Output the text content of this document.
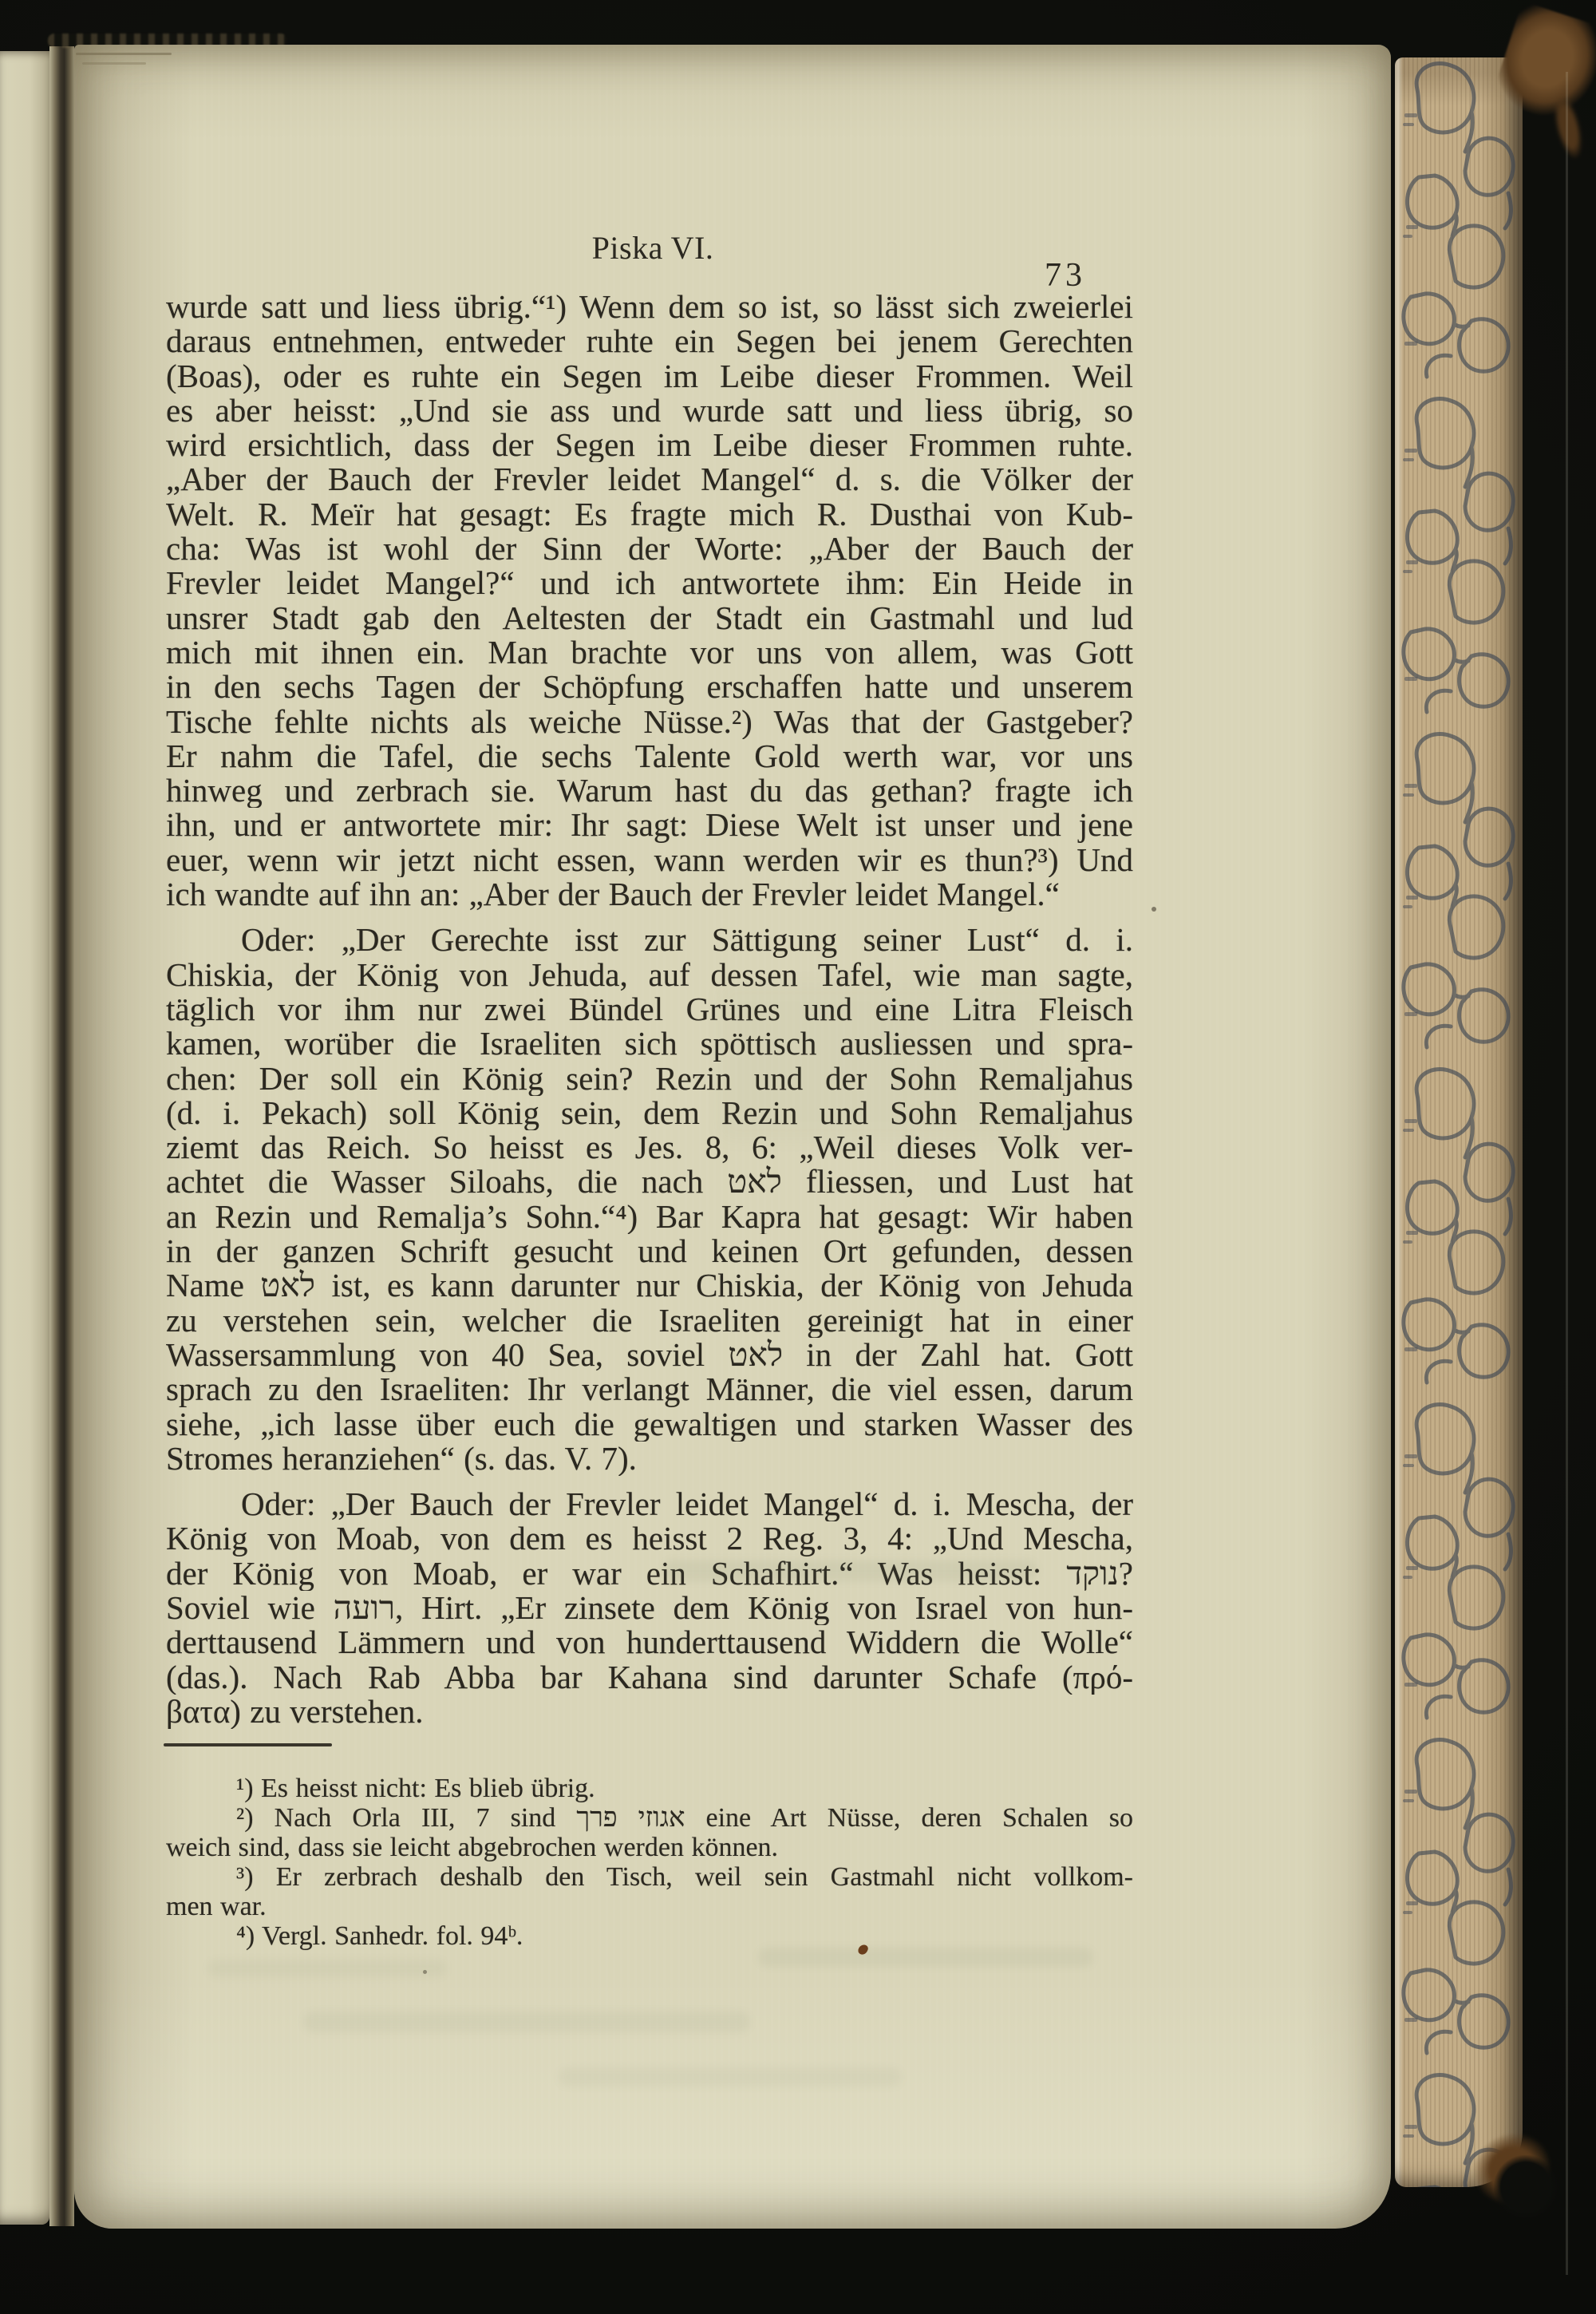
Piska VI.
73
wurde satt und liess übrig.“¹) Wenn dem so ist, so lässt sich zweierlei
daraus entnehmen, entweder ruhte ein Segen bei jenem Gerechten
(Boas), oder es ruhte ein Segen im Leibe dieser Frommen. Weil
es aber heisst: „Und sie ass und wurde satt und liess übrig, so
wird ersichtlich, dass der Segen im Leibe dieser Frommen ruhte.
„Aber der Bauch der Frevler leidet Mangel“ d. s. die Völker der
Welt. R. Meïr hat gesagt: Es fragte mich R. Dusthai von Kub-
cha: Was ist wohl der Sinn der Worte: „Aber der Bauch der
Frevler leidet Mangel?“ und ich antwortete ihm: Ein Heide in
unsrer Stadt gab den Aeltesten der Stadt ein Gastmahl und lud
mich mit ihnen ein. Man brachte vor uns von allem, was Gott
in den sechs Tagen der Schöpfung erschaffen hatte und unserem
Tische fehlte nichts als weiche Nüsse.²) Was that der Gastgeber?
Er nahm die Tafel, die sechs Talente Gold werth war, vor uns
hinweg und zerbrach sie. Warum hast du das gethan? fragte ich
ihn, und er antwortete mir: Ihr sagt: Diese Welt ist unser und jene
euer, wenn wir jetzt nicht essen, wann werden wir es thun?³) Und
ich wandte auf ihn an: „Aber der Bauch der Frevler leidet Mangel.“
Oder: „Der Gerechte isst zur Sättigung seiner Lust“ d. i.
Chiskia, der König von Jehuda, auf dessen Tafel, wie man sagte,
täglich vor ihm nur zwei Bündel Grünes und eine Litra Fleisch
kamen, worüber die Israeliten sich spöttisch ausliessen und spra-
chen: Der soll ein König sein? Rezin und der Sohn Remaljahus
(d. i. Pekach) soll König sein, dem Rezin und Sohn Remaljahus
ziemt das Reich. So heisst es Jes. 8, 6: „Weil dieses Volk ver-
achtet die Wasser Siloahs, die nach לאט fliessen, und Lust hat
an Rezin und Remalja’s Sohn.“⁴) Bar Kapra hat gesagt: Wir haben
in der ganzen Schrift gesucht und keinen Ort gefunden, dessen
Name לאט ist, es kann darunter nur Chiskia, der König von Jehuda
zu verstehen sein, welcher die Israeliten gereinigt hat in einer
Wassersammlung von 40 Sea, soviel לאט in der Zahl hat. Gott
sprach zu den Israeliten: Ihr verlangt Männer, die viel essen, darum
siehe, „ich lasse über euch die gewaltigen und starken Wasser des
Stromes heranziehen“ (s. das. V. 7).
Oder: „Der Bauch der Frevler leidet Mangel“ d. i. Mescha, der
König von Moab, von dem es heisst 2 Reg. 3, 4: „Und Mescha,
der König von Moab, er war ein Schafhirt.“ Was heisst: נוקד?
Soviel wie רועה, Hirt. „Er zinsete dem König von Israel von hun-
derttausend Lämmern und von hunderttausend Widdern die Wolle“
(das.). Nach Rab Abba bar Kahana sind darunter Schafe (πρό-
βατα) zu verstehen.
¹) Es heisst nicht: Es blieb übrig.
²) Nach Orla III, 7 sind אגוזי פרך eine Art Nüsse, deren Schalen so
weich sind, dass sie leicht abgebrochen werden können.
³) Er zerbrach deshalb den Tisch, weil sein Gastmahl nicht vollkom-
men war.
⁴) Vergl. Sanhedr. fol. 94ᵇ.
